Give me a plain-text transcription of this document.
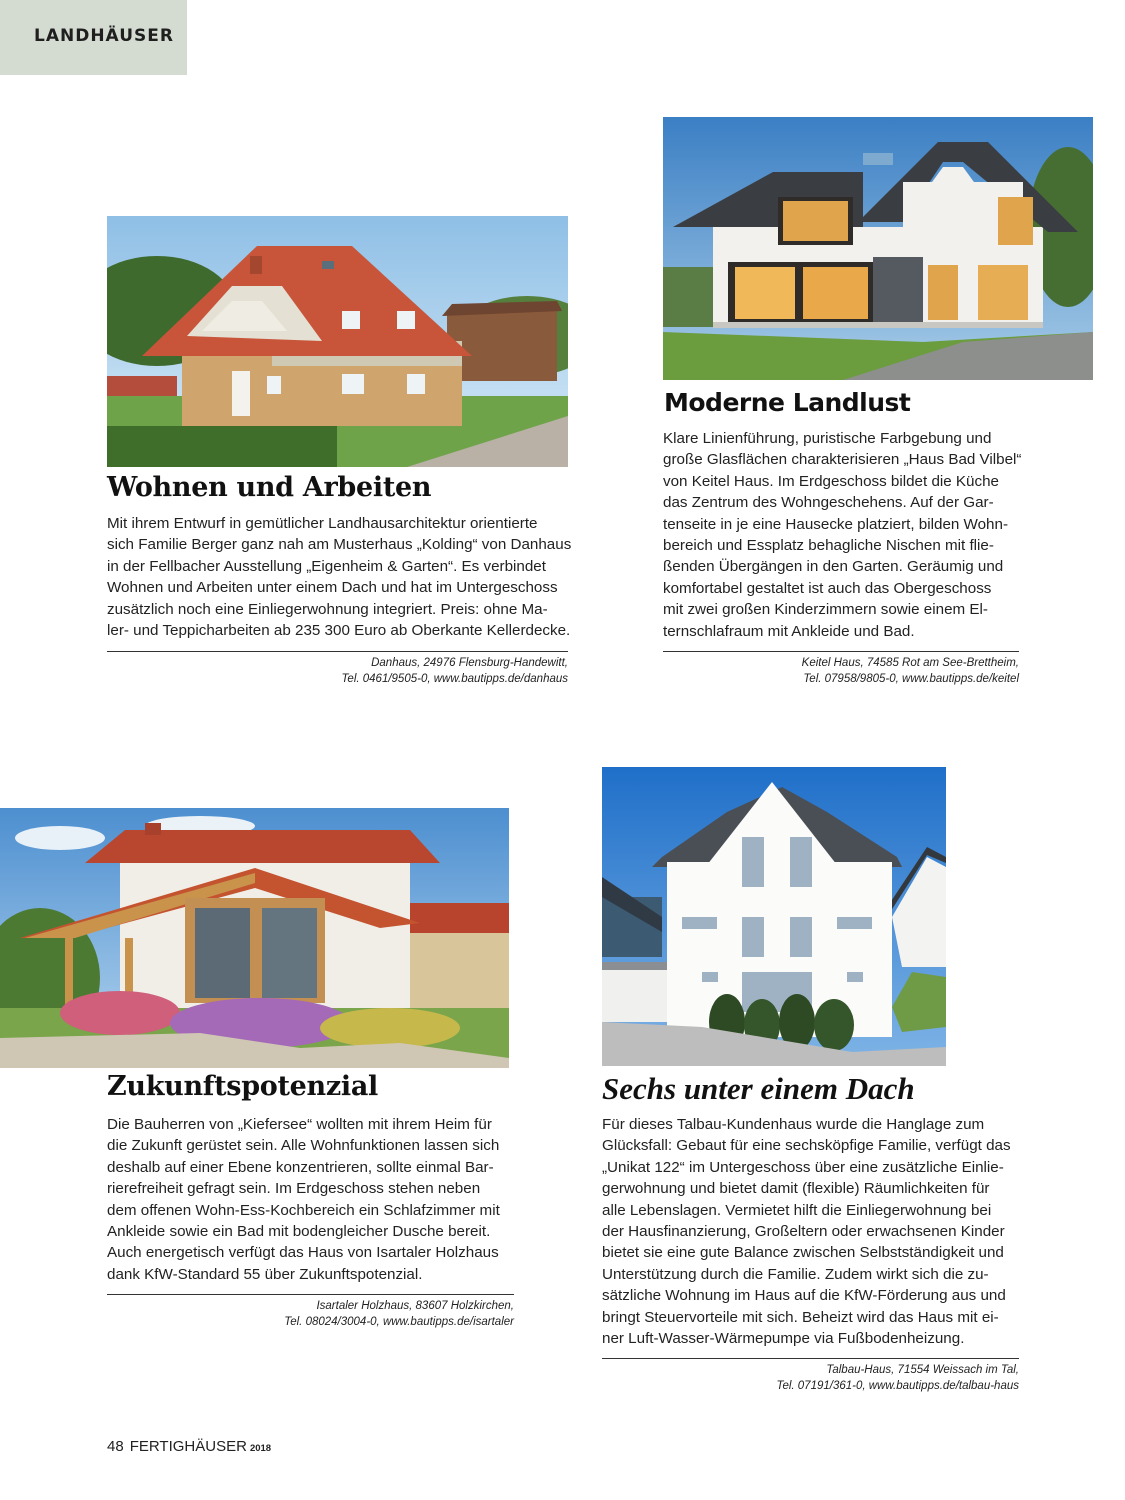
LANDHÄUSER
Wohnen und Arbeiten

Mit ihrem Entwurf in gemütlicher Landhausarchitektur orientierte
sich Familie Berger ganz nah am Musterhaus „Kolding“ von Danhaus
in der Fellbacher Ausstellung „Eigenheim & Garten“. Es verbindet
Wohnen und Arbeiten unter einem Dach und hat im Untergeschoss
zusätzlich noch eine Einliegerwohnung integriert. Preis: ohne Ma-
ler- und Teppicharbeiten ab 235 300 Euro ab Oberkante Kellerdecke.

Danhaus, 24976 Flensburg-Handewitt,
Tel. 0461/9505-0, www.bautipps.de/danhaus
Moderne Landlust

Klare Linienführung, puristische Farbgebung und
große Glasflächen charakterisieren „Haus Bad Vilbel“
von Keitel Haus. Im Erdgeschoss bildet die Küche
das Zentrum des Wohngeschehens. Auf der Gar-
tenseite in je eine Hausecke platziert, bilden Wohn-
bereich und Essplatz behagliche Nischen mit flie-
ßenden Übergängen in den Garten. Geräumig und
komfortabel gestaltet ist auch das Obergeschoss
mit zwei großen Kinderzimmern sowie einem El-
ternschlafraum mit Ankleide und Bad.

Keitel Haus, 74585 Rot am See-Brettheim,
Tel. 07958/9805-0, www.bautipps.de/keitel
Zukunftspotenzial

Die Bauherren von „Kiefersee“ wollten mit ihrem Heim für
die Zukunft gerüstet sein. Alle Wohnfunktionen lassen sich
deshalb auf einer Ebene konzentrieren, sollte einmal Bar-
rierefreiheit gefragt sein. Im Erdgeschoss stehen neben
dem offenen Wohn-Ess-Kochbereich ein Schlafzimmer mit
Ankleide sowie ein Bad mit bodengleicher Dusche bereit.
Auch energetisch verfügt das Haus von Isartaler Holzhaus
dank KfW-Standard 55 über Zukunftspotenzial.

Isartaler Holzhaus, 83607 Holzkirchen,
Tel. 08024/3004-0, www.bautipps.de/isartaler
Sechs unter einem Dach

Für dieses Talbau-Kundenhaus wurde die Hanglage zum
Glücksfall: Gebaut für eine sechsköpfige Familie, verfügt das
„Unikat 122“ im Untergeschoss über eine zusätzliche Einlie-
gerwohnung und bietet damit (flexible) Räumlichkeiten für
alle Lebenslagen. Vermietet hilft die Einliegerwohnung bei
der Hausfinanzierung, Großeltern oder erwachsenen Kinder
bietet sie eine gute Balance zwischen Selbstständigkeit und
Unterstützung durch die Familie. Zudem wirkt sich die zu-
sätzliche Wohnung im Haus auf die KfW-Förderung aus und
bringt Steuervorteile mit sich. Beheizt wird das Haus mit ei-
ner Luft-Wasser-Wärmepumpe via Fußbodenheizung.

Talbau-Haus, 71554 Weissach im Tal,
Tel. 07191/361-0, www.bautipps.de/talbau-haus
48 FERTIGHÄUSER 2018
